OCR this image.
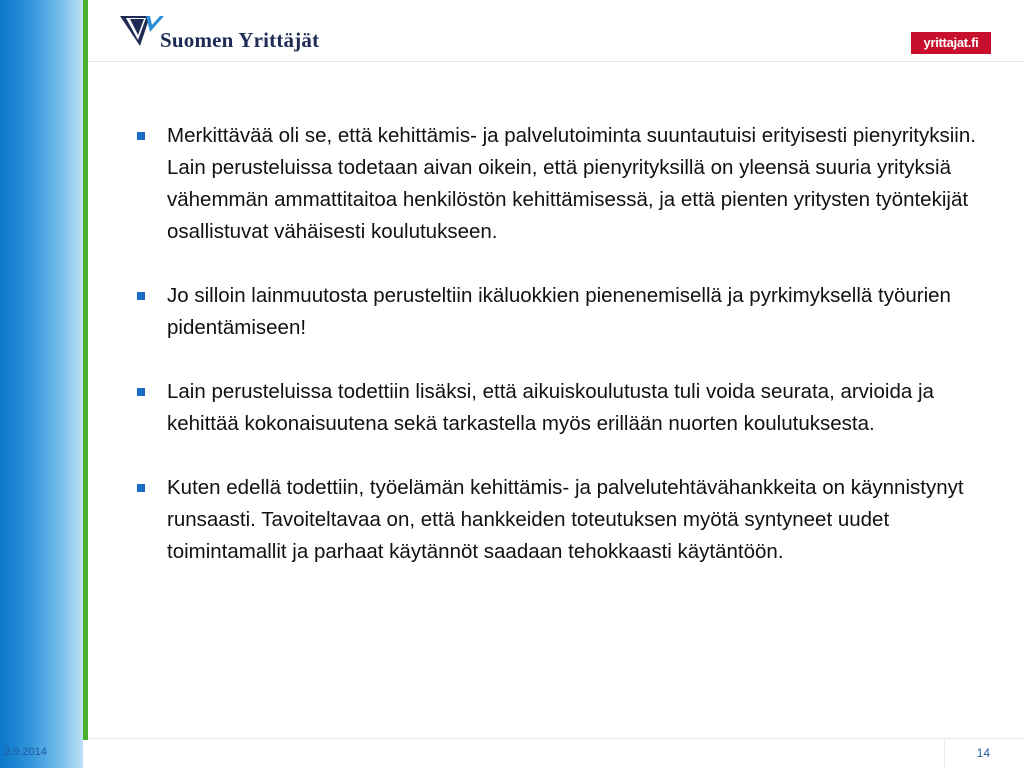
Suomen Yrittäjät	yrittajat.fi
Merkittävää oli se, että kehittämis- ja palvelutoiminta suuntautuisi erityisesti pienyrityksiin. Lain perusteluissa todetaan aivan oikein, että pienyrityksillä on yleensä suuria yrityksiä vähemmän ammattitaitoa henkilöstön kehittämisessä, ja että pienten yritysten työntekijät osallistuvat vähäisesti koulutukseen.
Jo silloin lainmuutosta perusteltiin ikäluokkien pienenemisellä ja pyrkimyksellä työurien pidentämiseen!
Lain perusteluissa todettiin lisäksi, että aikuiskoulutusta tuli voida seurata, arvioida ja kehittää kokonaisuutena sekä tarkastella myös erillään nuorten koulutuksesta.
Kuten edellä todettiin, työelämän kehittämis- ja palvelutehtävähankkeita on käynnistynyt runsaasti. Tavoiteltavaa on, että hankkeiden toteutuksen myötä syntyneet uudet toimintamallit ja parhaat käytännöt saadaan tehokkaasti käytäntöön.
2.9.2014	14
